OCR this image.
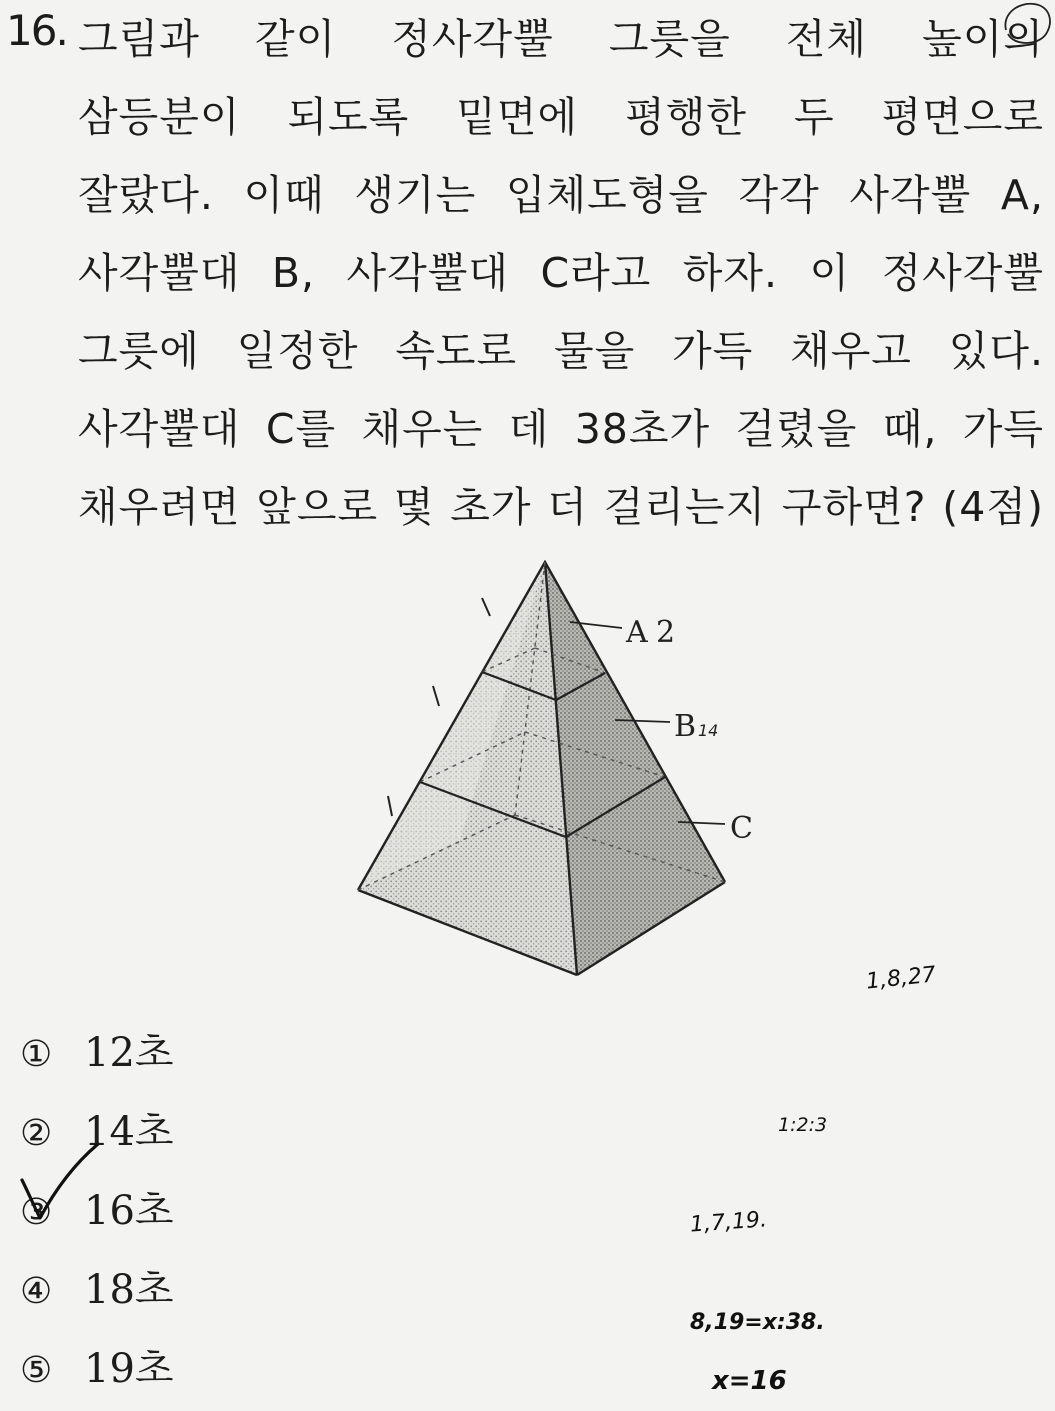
16. 그림과 같이 정사각뿔 그릇을 전체 높이의
삼등분이 되도록 밑면에 평행한 두 평면으로
잘랐다. 이때 생기는 입체도형을 각각 사각뿔 A,
사각뿔대 B, 사각뿔대 C라고 하자. 이 정사각뿔
그릇에 일정한 속도로 물을 가득 채우고 있다.
사각뿔대 C를 채우는 데 38초가 걸렸을 때, 가득
채우려면 앞으로 몇 초가 더 걸리는지 구하면? (4점)
A 2
B 14
C
① 12초
② 14초
③ 16초
④ 18초
⑤ 19초
1,8,27
1:2:3
1,7,19.
8,19=x:38.
x=16
